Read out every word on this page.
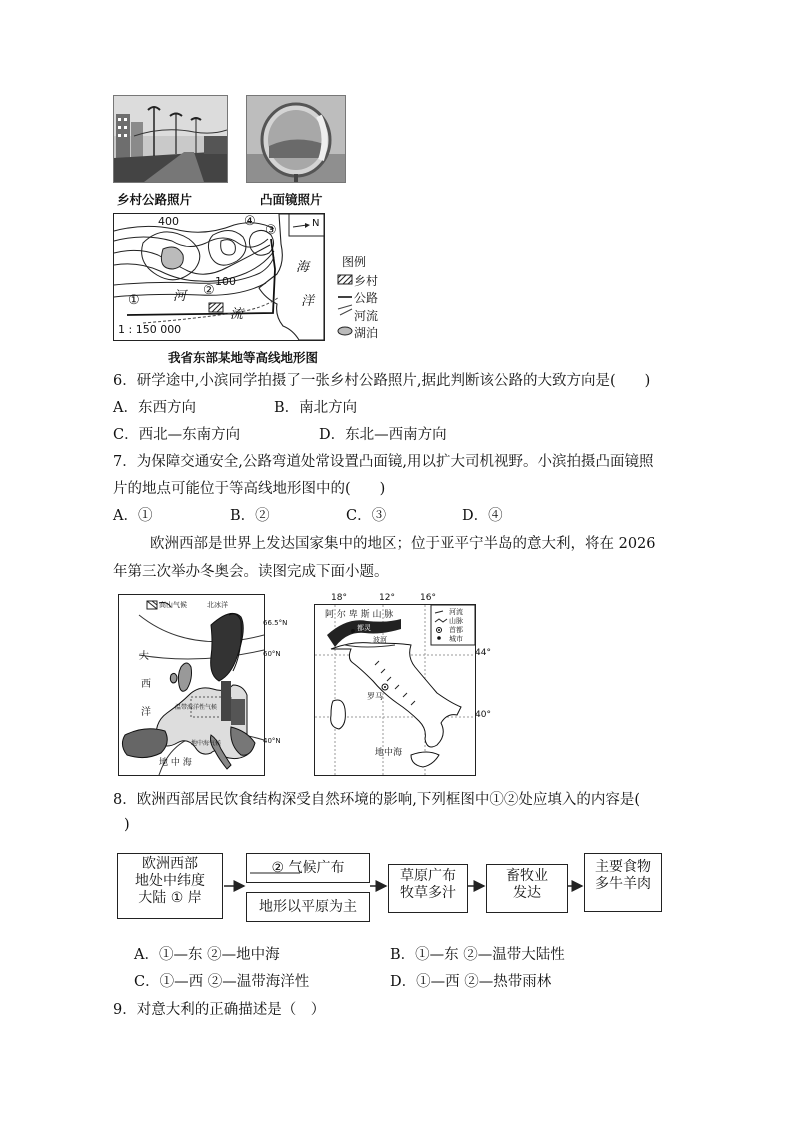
乡村公路照片	凸面镜照片
400
100
①
②
③
④
河
流
海
洋
N
1 : 150 000
图例
乡村
公路
河流
湖泊
我省东部某地等高线地形图
6．研学途中,小滨同学拍摄了一张乡村公路照片,据此判断该公路的大致方向是(　　)
A．东西方向	B．南北方向
C．西北—东南方向	D．东北—西南方向
7．为保障交通安全,公路弯道处常设置凸面镜,用以扩大司机视野。小滨拍摄凸面镜照
片的地点可能位于等高线地形图中的(　　)
A．①	B．②	C．③	D．④
欧洲西部是世界上发达国家集中的地区；位于亚平宁半岛的意大利，将在 2026
年第三次举办冬奥会。读图完成下面小题。
高山气候	北冰洋
大
西
洋	温带海洋性气候
地中海气候
地 中 海
66.5°N
60°N
40°N
18°	12°	16°
河流
山脉
首都
城市
阿 尔 卑 斯 山 脉
都灵
波河
罗马
地中海
44°
40°
8．欧洲西部居民饮食结构深受自然环境的影响,下列框图中①②处应填入的内容是(
)
欧洲西部
地处中纬度
大陆 ① 岸
② 气候广布
地形以平原为主
草原广布
牧草多汁
畜牧业
发达
主要食物
多牛羊肉
A．①—东 ②—地中海	B．①—东 ②—温带大陆性
C．①—西 ②—温带海洋性	D．①—西 ②—热带雨林
9．对意大利的正确描述是（　）
